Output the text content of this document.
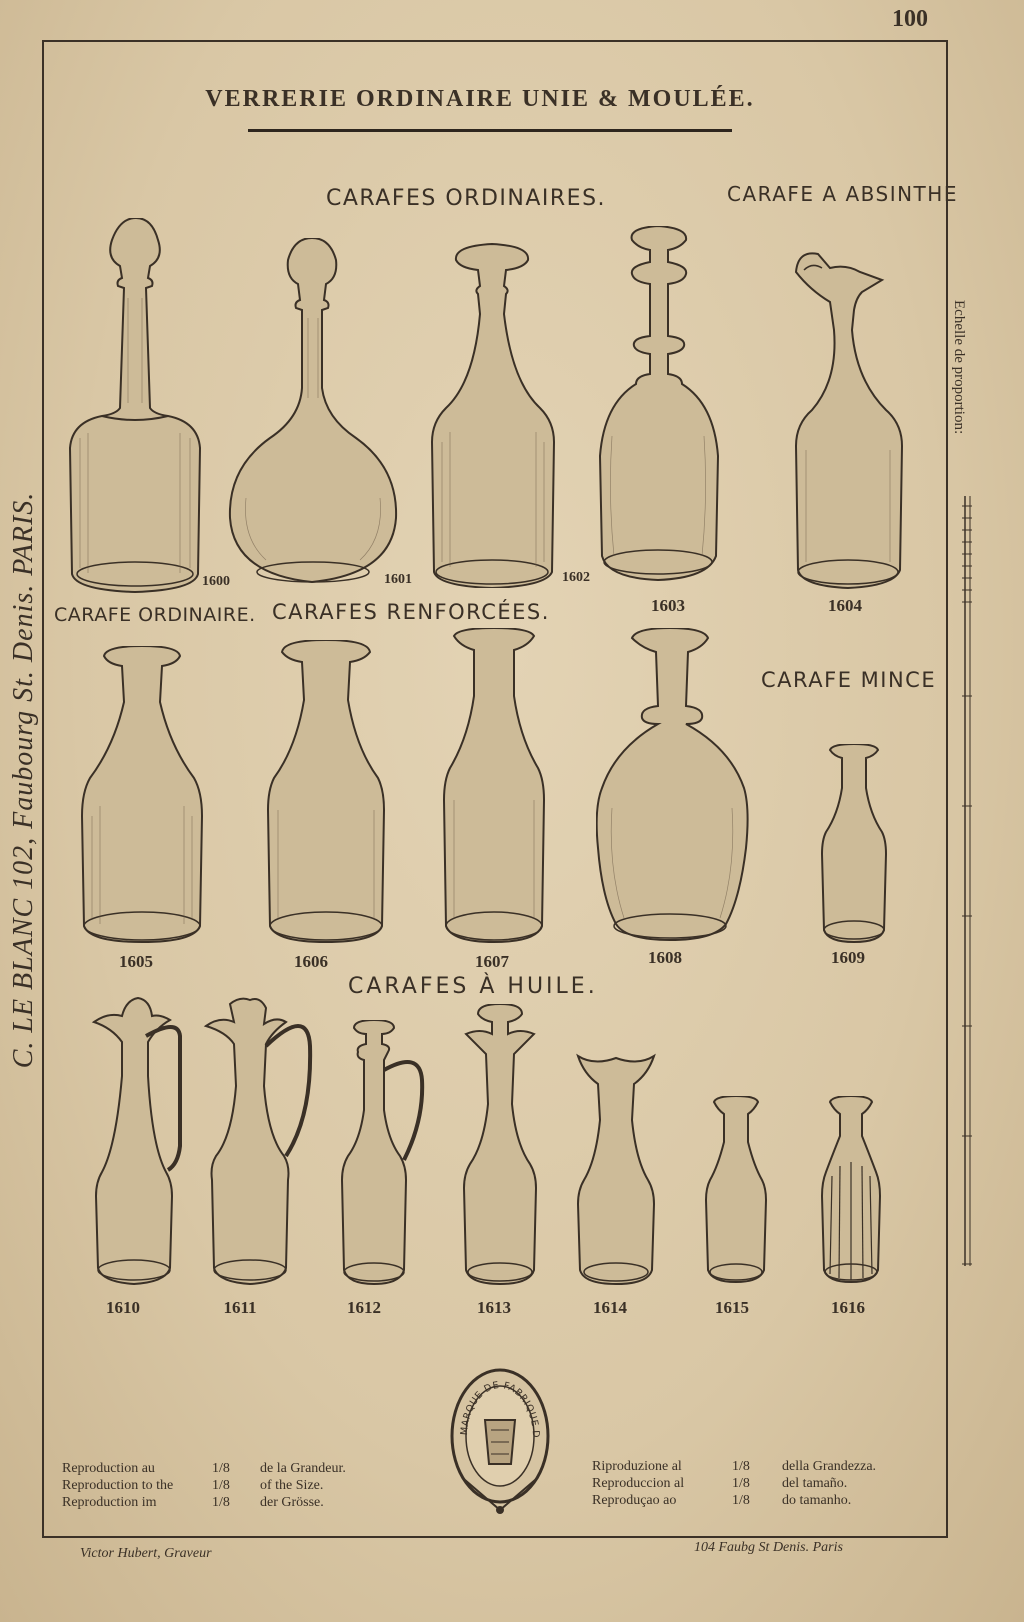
100
VERRERIE ORDINAIRE UNIE & MOULÉE.
C. LE BLANC 102, Faubourg St. Denis. PARIS.
Echelle de proportion:
CARAFES ORDINAIRES.	CARAFE A ABSINTHE
CARAFE ORDINAIRE. CARAFES RENFORCÉES.
CARAFE MINCE
CARAFES À HUILE.
1600	1601	1602
1603	1604
1605	1606	1607	1608	1609
1610	1611	1612	1613	1614	1615	1616
Reproduction au	1/8 de la Grandeur.
Reproduction to the	1/8 of the Size.
Reproduction im	1/8 der Grösse.
Riproduzione al	1/8 della Grandezza.
Reproduccion al	1/8 del tamaño.
Reproduçao ao	1/8 do tamanho.
MARQUE DE FABRIQUE D
Victor Hubert, Graveur	104 Faubg St Denis. Paris
